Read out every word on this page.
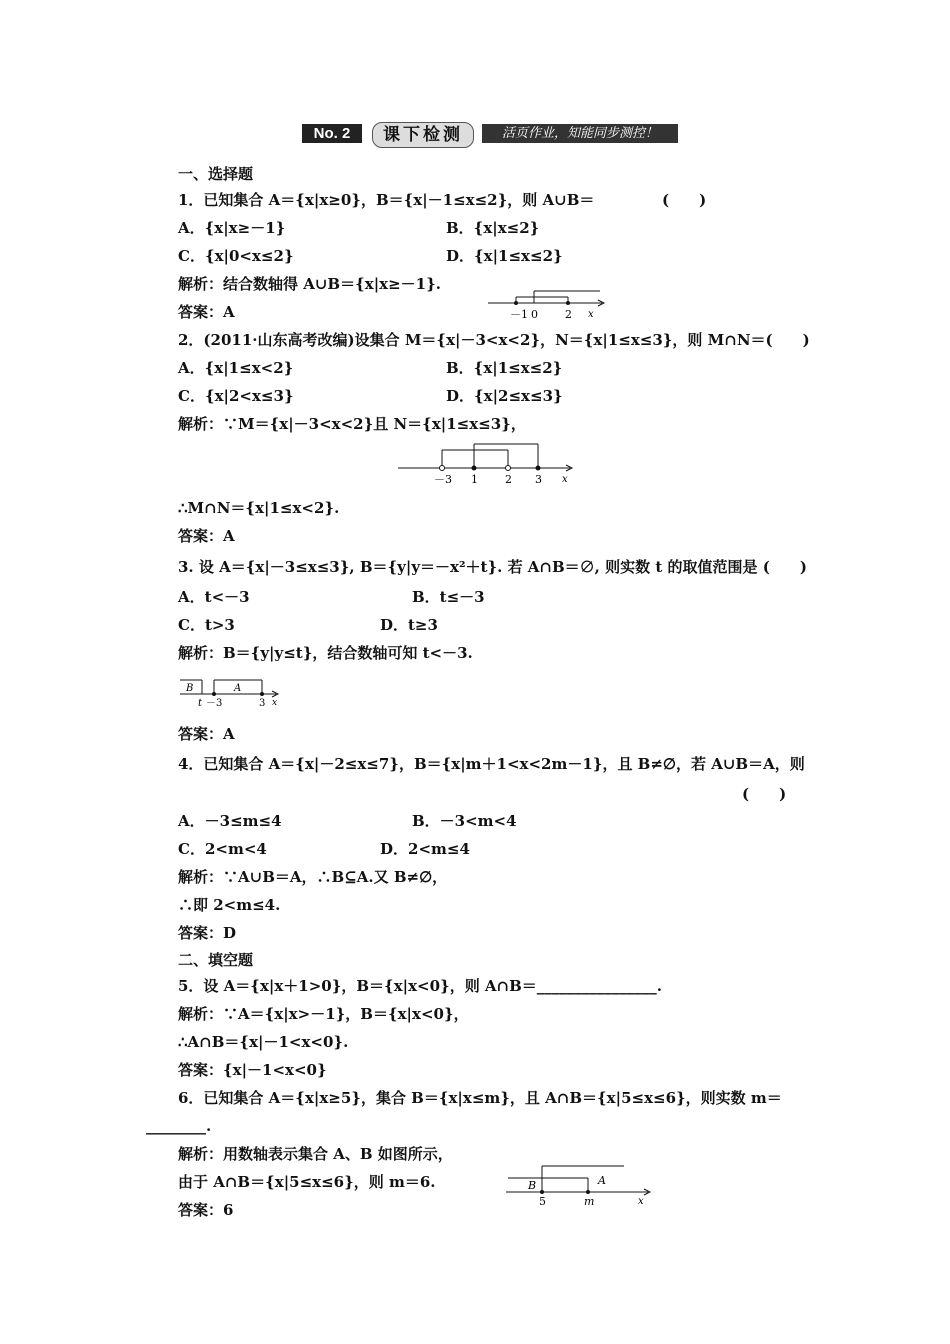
No. 2	课下检测	活页作业，知能同步测控！
一、选择题
1．已知集合 A＝{x|x≥0}，B＝{x|－1≤x≤2}，则 A∪B＝	(　　)
A．{x|x≥－1}	B．{x|x≤2}
C．{x|0<x≤2}	D．{x|1≤x≤2}
解析：结合数轴得 A∪B＝{x|x≥－1}.
答案：A	－1 0 2 x
2．(2011·山东高考改编)设集合 M＝{x|－3<x<2}，N＝{x|1≤x≤3}，则 M∩N＝(　　)
A．{x|1≤x<2}	B．{x|1≤x≤2}
C．{x|2<x≤3}	D．{x|2≤x≤3}
解析：∵M＝{x|－3<x<2}且 N＝{x|1≤x≤3}，
－3 1 2 3 x
∴M∩N＝{x|1≤x<2}.
答案：A
3. 设 A＝{x|－3≤x≤3}, B＝{y|y＝－x²＋t}. 若 A∩B＝∅, 则实数 t 的取值范围是 (　　)
A．t<－3	B．t≤－3
C．t>3	D．t≥3
解析：B＝{y|y≤t}，结合数轴可知 t<－3.
B	A
t －3	3 x
答案：A
4．已知集合 A＝{x|－2≤x≤7}，B＝{x|m＋1<x<2m－1}，且 B≠∅，若 A∪B＝A，则
(　　)
A．－3≤m≤4	B．－3<m<4
C．2<m<4	D．2<m≤4
解析：∵A∪B＝A，∴B⊆A.又 B≠∅，
∴即 2<m≤4.
答案：D
二、填空题
5．设 A＝{x|x＋1>0}，B＝{x|x<0}，则 A∩B＝________________.
解析：∵A＝{x|x>－1}，B＝{x|x<0}，
∴A∩B＝{x|－1<x<0}.
答案：{x|－1<x<0}
6．已知集合 A＝{x|x≥5}，集合 B＝{x|x≤m}，且 A∩B＝{x|5≤x≤6}，则实数 m＝
________.
解析：用数轴表示集合 A、B 如图所示，
由于 A∩B＝{x|5≤x≤6}，则 m＝6.
答案：6
B	A
5	m	x
